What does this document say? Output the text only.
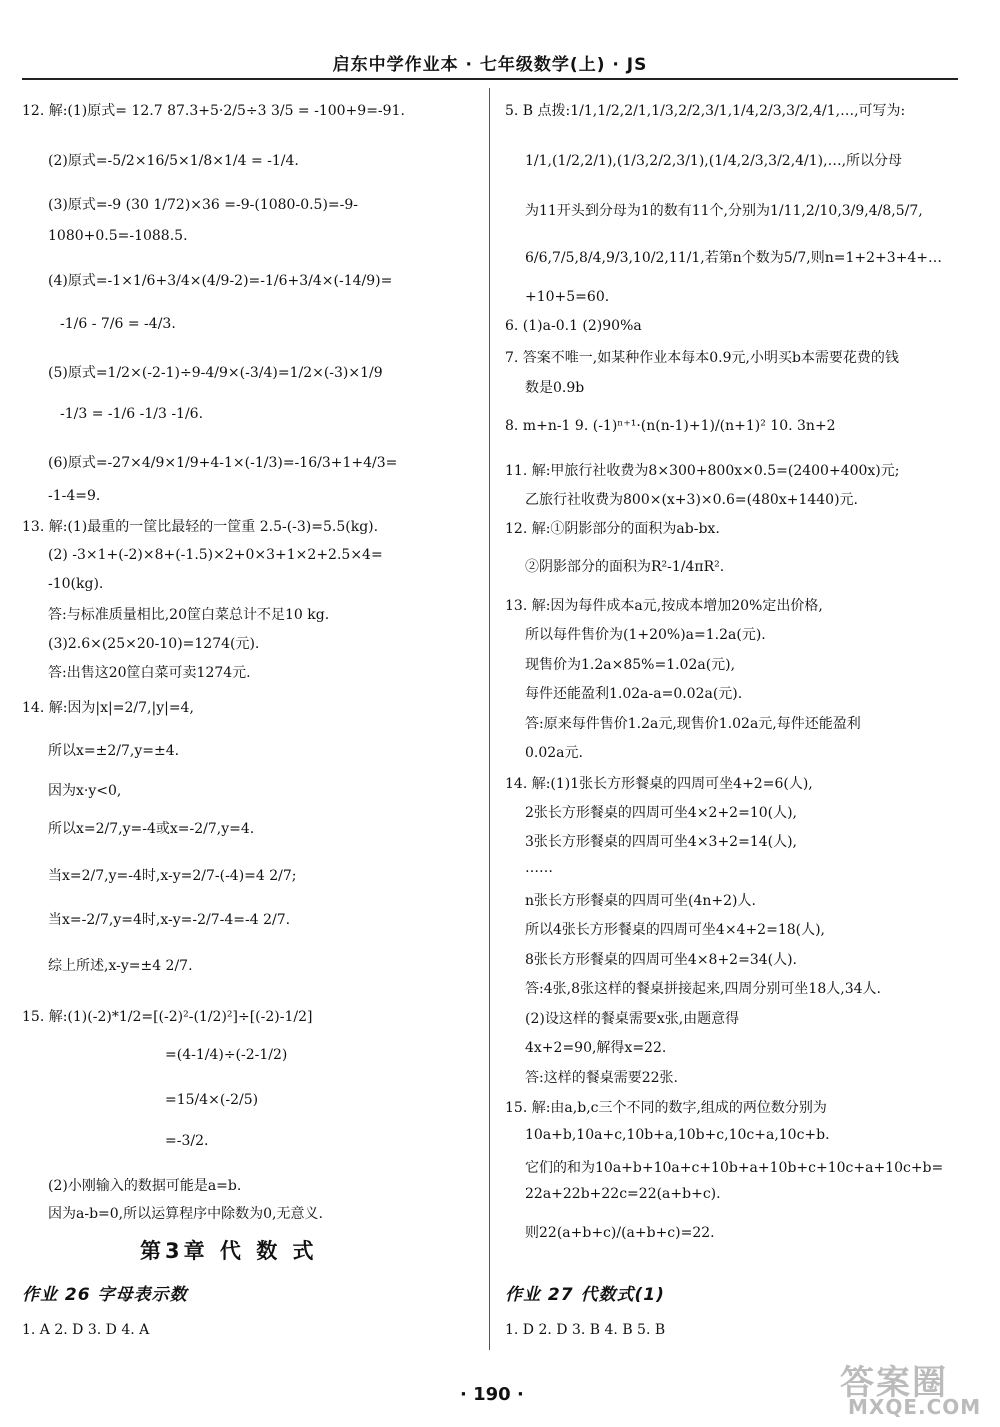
启东中学作业本 · 七年级数学(上) · JS
12. 解:(1)原式= 12.7 87.3+5·2/5÷3 3/5 = -100+9=-91.
(2)原式=-5/2×16/5×1/8×1/4 = -1/4.
(3)原式=-9 (30 1/72)×36 =-9-(1080-0.5)=-9-
1080+0.5=-1088.5.
(4)原式=-1×1/6+3/4×(4/9-2)=-1/6+3/4×(-14/9)=
-1/6 - 7/6 = -4/3.
(5)原式=1/2×(-2-1)÷9-4/9×(-3/4)=1/2×(-3)×1/9
-1/3 = -1/6 -1/3 -1/6.
(6)原式=-27×4/9×1/9+4-1×(-1/3)=-16/3+1+4/3=
-1-4=9.
13. 解:(1)最重的一筐比最轻的一筐重 2.5-(-3)=5.5(kg).
(2) -3×1+(-2)×8+(-1.5)×2+0×3+1×2+2.5×4=
-10(kg).
答:与标准质量相比,20筐白菜总计不足10 kg.
(3)2.6×(25×20-10)=1274(元).
答:出售这20筐白菜可卖1274元.
14. 解:因为|x|=2/7,|y|=4,
所以x=±2/7,y=±4.
因为x·y<0,
所以x=2/7,y=-4或x=-2/7,y=4.
当x=2/7,y=-4时,x-y=2/7-(-4)=4 2/7;
当x=-2/7,y=4时,x-y=-2/7-4=-4 2/7.
综上所述,x-y=±4 2/7.
15. 解:(1)(-2)*1/2=[(-2)²-(1/2)²]÷[(-2)-1/2]
=(4-1/4)÷(-2-1/2)
=15/4×(-2/5)
=-3/2.
(2)小刚输入的数据可能是a=b.
因为a-b=0,所以运算程序中除数为0,无意义.
第3章 代 数 式
作业 26 字母表示数
1. A 2. D 3. D 4. A
5. B 点拨:1/1,1/2,2/1,1/3,2/2,3/1,1/4,2/3,3/2,4/1,…,可写为:
1/1,(1/2,2/1),(1/3,2/2,3/1),(1/4,2/3,3/2,4/1),…,所以分母
为11开头到分母为1的数有11个,分别为1/11,2/10,3/9,4/8,5/7,
6/6,7/5,8/4,9/3,10/2,11/1,若第n个数为5/7,则n=1+2+3+4+…
+10+5=60.
6. (1)a-0.1 (2)90%a
7. 答案不唯一,如某种作业本每本0.9元,小明买b本需要花费的钱
数是0.9b
8. m+n-1 9. (-1)ⁿ⁺¹·(n(n-1)+1)/(n+1)² 10. 3n+2
11. 解:甲旅行社收费为8×300+800x×0.5=(2400+400x)元;
乙旅行社收费为800×(x+3)×0.6=(480x+1440)元.
12. 解:①阴影部分的面积为ab-bx.
②阴影部分的面积为R²-1/4πR².
13. 解:因为每件成本a元,按成本增加20%定出价格,
所以每件售价为(1+20%)a=1.2a(元).
现售价为1.2a×85%=1.02a(元),
每件还能盈利1.02a-a=0.02a(元).
答:原来每件售价1.2a元,现售价1.02a元,每件还能盈利
0.02a元.
14. 解:(1)1张长方形餐桌的四周可坐4+2=6(人),
2张长方形餐桌的四周可坐4×2+2=10(人),
3张长方形餐桌的四周可坐4×3+2=14(人),
……
n张长方形餐桌的四周可坐(4n+2)人.
所以4张长方形餐桌的四周可坐4×4+2=18(人),
8张长方形餐桌的四周可坐4×8+2=34(人).
答:4张,8张这样的餐桌拼接起来,四周分别可坐18人,34人.
(2)设这样的餐桌需要x张,由题意得
4x+2=90,解得x=22.
答:这样的餐桌需要22张.
15. 解:由a,b,c三个不同的数字,组成的两位数分别为
10a+b,10a+c,10b+a,10b+c,10c+a,10c+b.
它们的和为10a+b+10a+c+10b+a+10b+c+10c+a+10c+b=
22a+22b+22c=22(a+b+c).
则22(a+b+c)/(a+b+c)=22.
作业 27 代数式(1)
1. D 2. D 3. B 4. B 5. B
· 190 ·	答案圈
MXQE.COM
